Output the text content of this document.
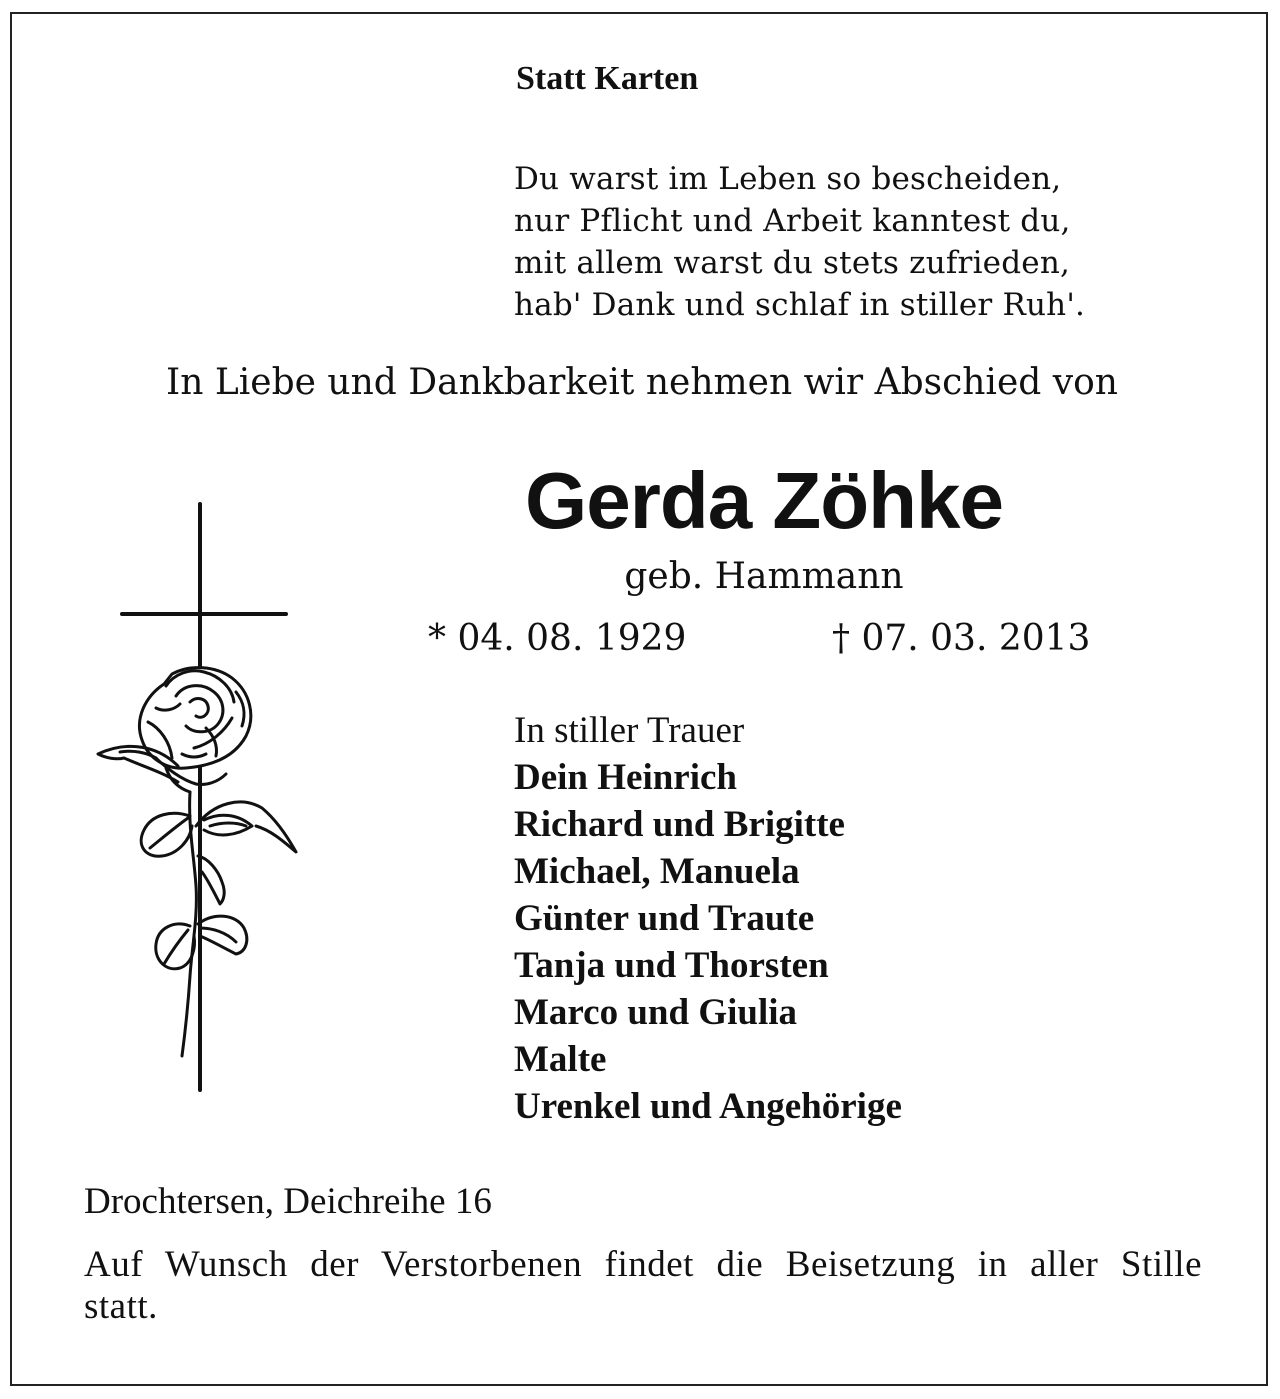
Statt Karten
Du warst im Leben so bescheiden,
nur Pflicht und Arbeit kanntest du,
mit allem warst du stets zufrieden,
hab' Dank und schlaf in stiller Ruh'.
In Liebe und Dankbarkeit nehmen wir Abschied von
Gerda Zöhke
geb. Hammann
* 04. 08. 1929	† 07. 03. 2013
In stiller Trauer
Dein Heinrich
Richard und Brigitte
Michael, Manuela
Günter und Traute
Tanja und Thorsten
Marco und Giulia
Malte
Urenkel und Angehörige
Drochtersen, Deichreihe 16
Auf Wunsch der Verstorbenen findet die Beisetzung in aller Stille statt.
